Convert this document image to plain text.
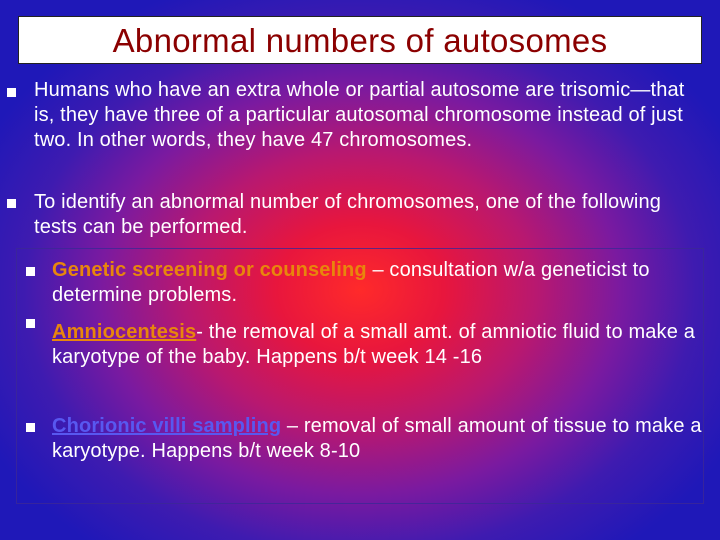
Abnormal numbers of autosomes
Humans who have an extra whole or partial autosome are trisomic—that is, they have three of a particular autosomal chromosome instead of just two. In other words, they have 47 chromosomes.
To identify an abnormal number of chromosomes, one of the following tests can be performed.
Genetic screening or counseling – consultation w/a geneticist to determine problems.
Amniocentesis- the removal of a small amt. of amniotic fluid to make a karyotype of the baby. Happens b/t week 14 -16
Chorionic villi sampling – removal of small amount of tissue to make a karyotype. Happens b/t week 8-10
